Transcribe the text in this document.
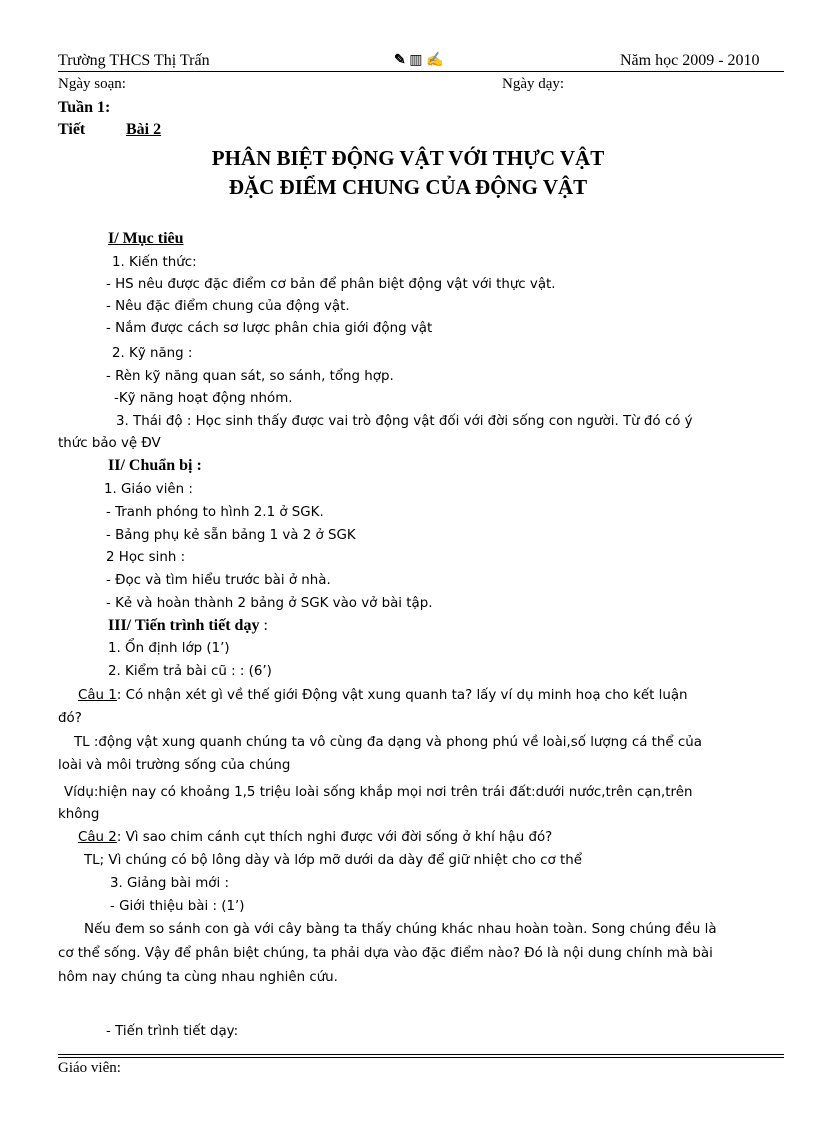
Trường THCS Thị Trấn	✎ ▥ ✍	Năm học 2009 - 2010
Ngày soạn:	Ngày dạy:
Tuần 1:
Tiết	Bài 2
PHÂN BIỆT ĐỘNG VẬT VỚI THỰC VẬT
ĐẶC ĐIỂM CHUNG CỦA ĐỘNG VẬT
I/ Mục tiêu
1. Kiến thức:
- HS nêu được đặc điểm cơ bản để phân biệt động vật với thực vật.
- Nêu đặc điểm chung của động vật.
- Nắm được cách sơ lược phân chia giới động vật
2. Kỹ năng :
- Rèn kỹ năng quan sát, so sánh, tổng hợp.
-Kỹ năng hoạt động nhóm.
3. Thái độ : Học sinh thấy được vai trò động vật đối với đời sống con người. Từ đó có ý
thức bảo vệ ĐV
II/ Chuẩn bị :
1. Giáo viên :
- Tranh phóng to hình 2.1 ở SGK.
- Bảng phụ kẻ sẵn bảng 1 và 2 ở SGK
2 Học sinh :
- Đọc và tìm hiểu trước bài ở nhà.
- Kẻ và hoàn thành 2 bảng ở SGK vào vở bài tập.
III/ Tiến trình tiết dạy :
1. Ổn định lớp (1’)
2. Kiểm trả bài cũ : : (6’)
Câu 1: Có nhận xét gì về thế giới Động vật xung quanh ta? lấy ví dụ minh hoạ cho kết luận
đó?
TL :động vật xung quanh chúng ta vô cùng đa dạng và phong phú về loài,số lượng cá thể của
loài và môi trường sống của chúng
Vídụ:hiện nay có khoảng 1,5 triệu loài sống khắp mọi nơi trên trái đất:dưới nước,trên cạn,trên
không
Câu 2: Vì sao chim cánh cụt thích nghi được với đời sống ở khí hậu đó?
TL; Vì chúng có bộ lông dày và lớp mỡ dưới da dày để giữ nhiệt cho cơ thể
3. Giảng bài mới :
- Giới thiệu bài : (1’)
Nếu đem so sánh con gà với cây bàng ta thấy chúng khác nhau hoàn toàn. Song chúng đều là
cơ thể sống. Vậy để phân biệt chúng, ta phải dựa vào đặc điểm nào? Đó là nội dung chính mà bài
hôm nay chúng ta cùng nhau nghiên cứu.
- Tiến trình tiết dạy:
Giáo viên:
